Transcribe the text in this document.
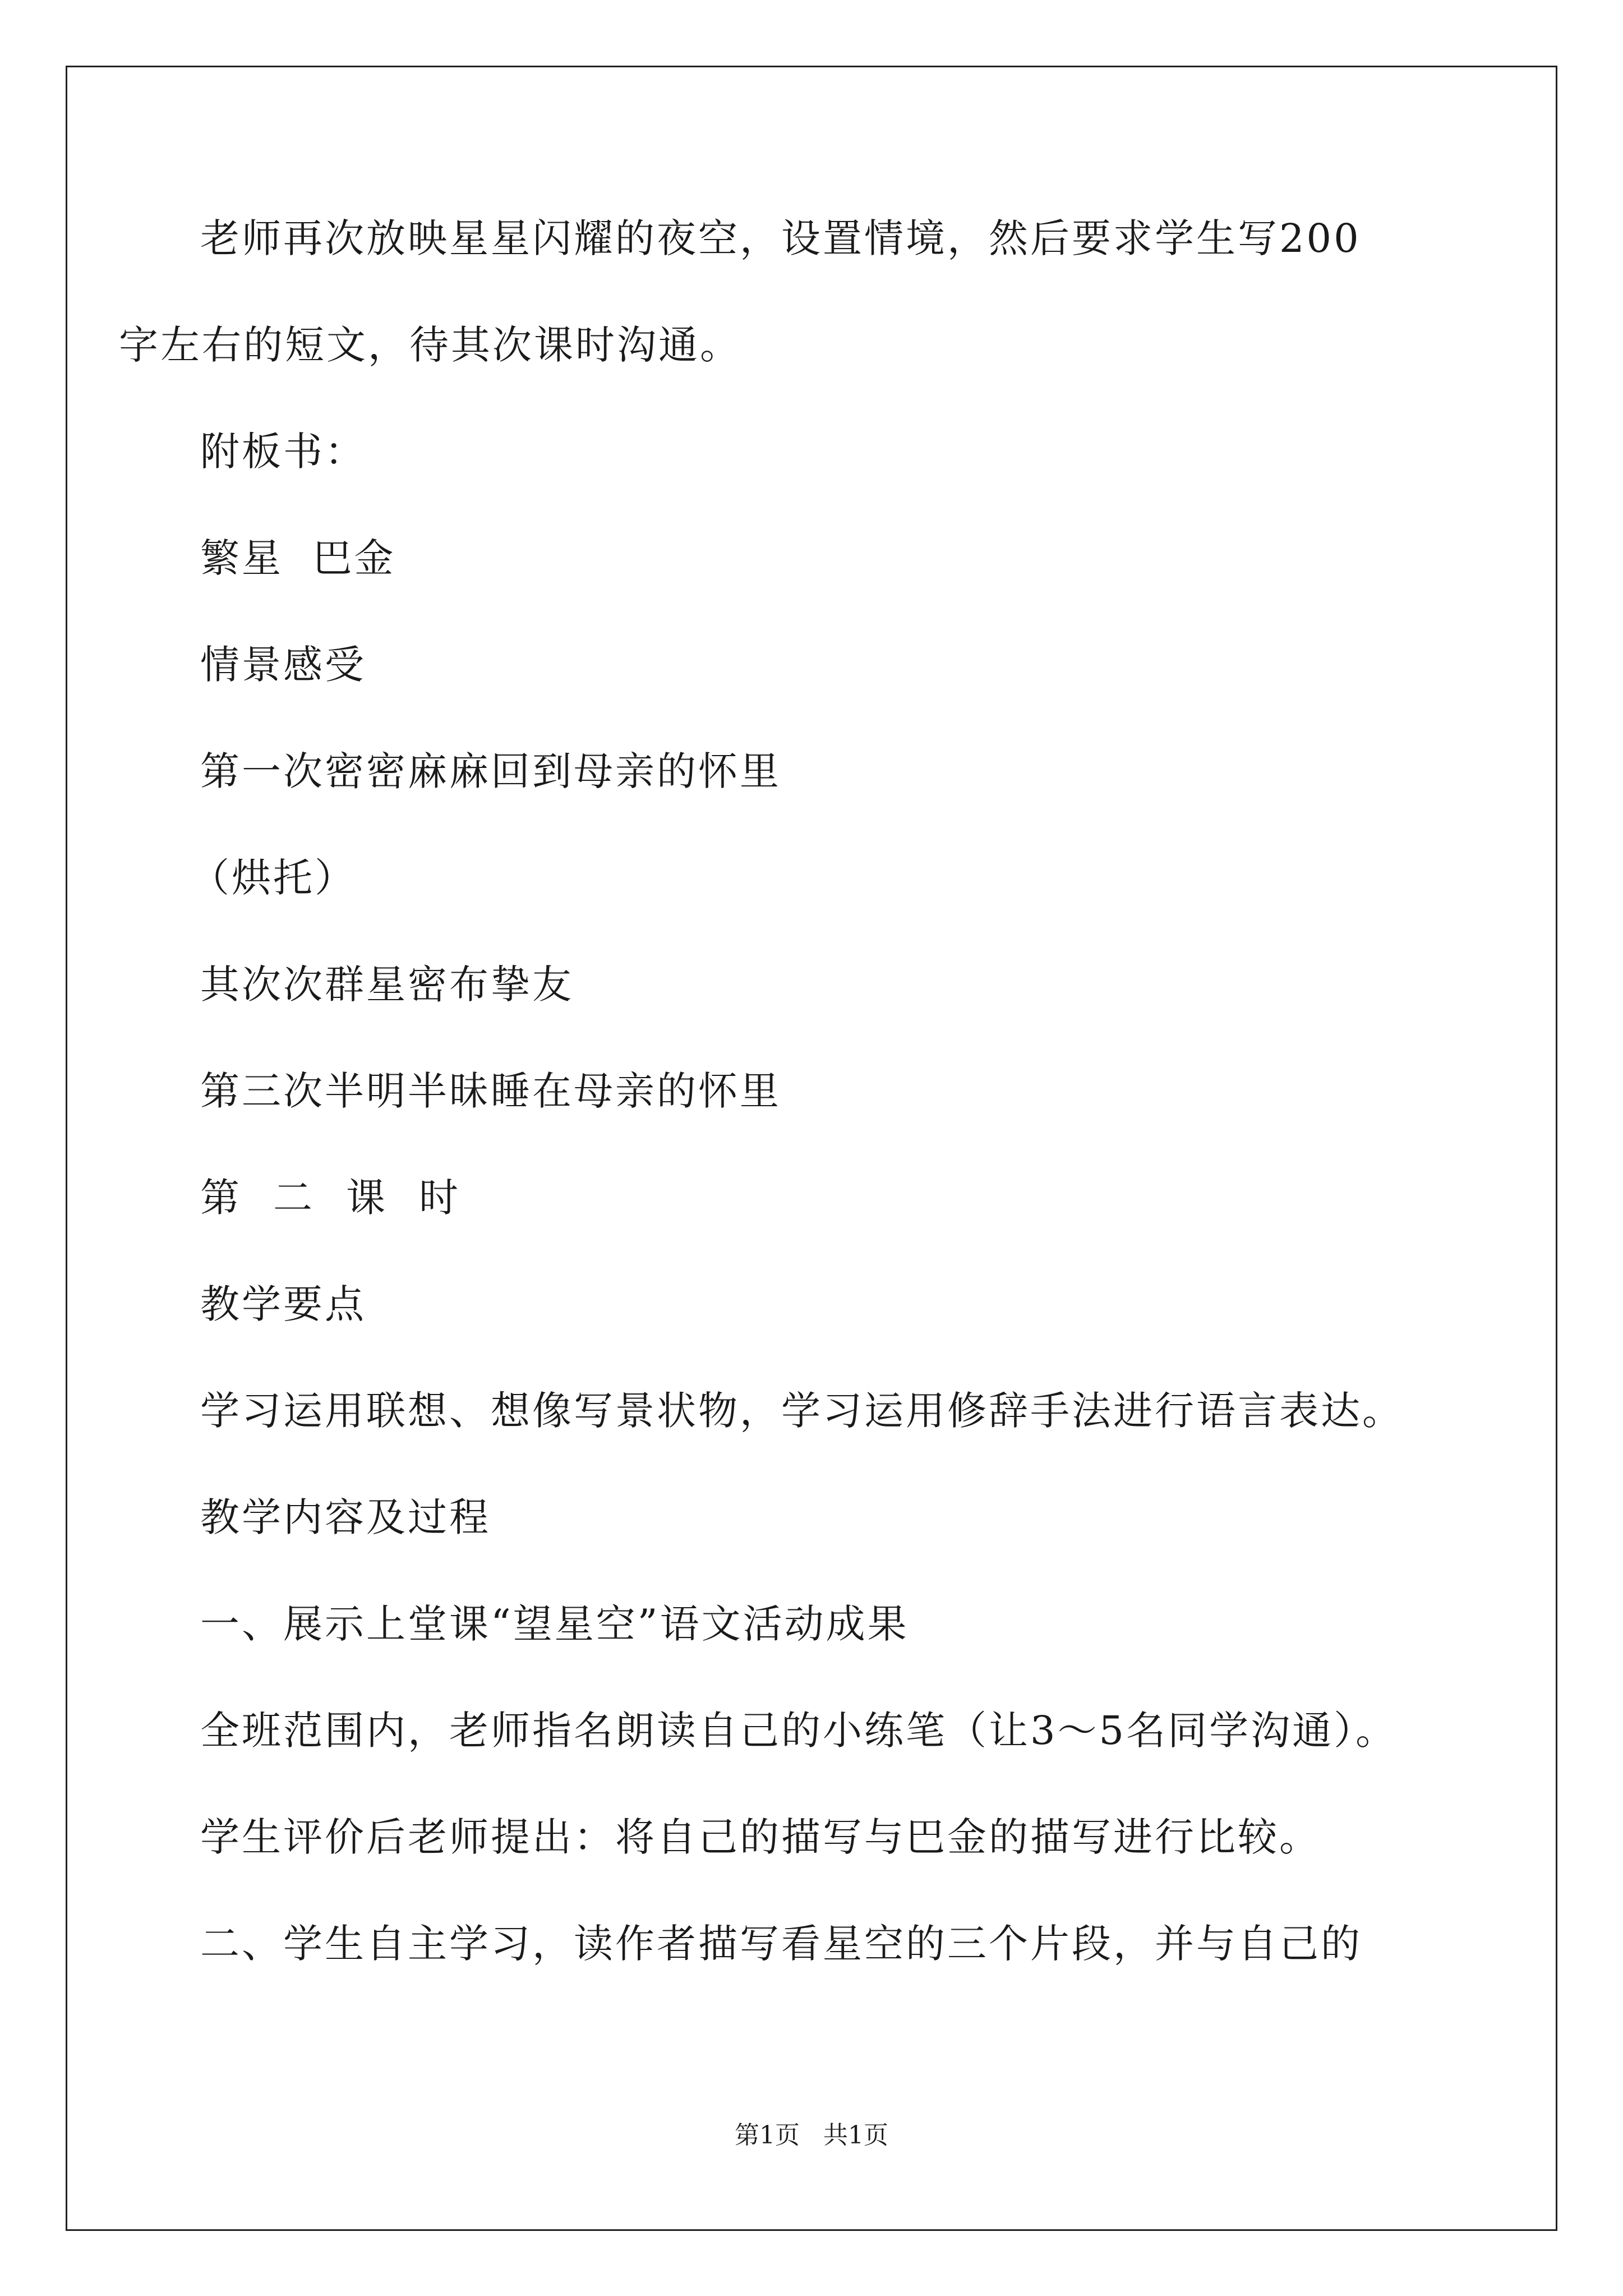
老师再次放映星星闪耀的夜空，设置情境，然后要求学生写200

字左右的短文，待其次课时沟通。

附板书：

繁星  巴金

情景感受

第一次密密麻麻回到母亲的怀里

（烘托）

其次次群星密布挚友

第三次半明半昧睡在母亲的怀里

第二课时

教学要点

学习运用联想、想像写景状物，学习运用修辞手法进行语言表达。

教学内容及过程

一、展示上堂课“望星空”语文活动成果

全班范围内，老师指名朗读自己的小练笔（让3～5名同学沟通）。

学生评价后老师提出：将自己的描写与巴金的描写进行比较。

二、学生自主学习，读作者描写看星空的三个片段，并与自己的

第1页   共1页
